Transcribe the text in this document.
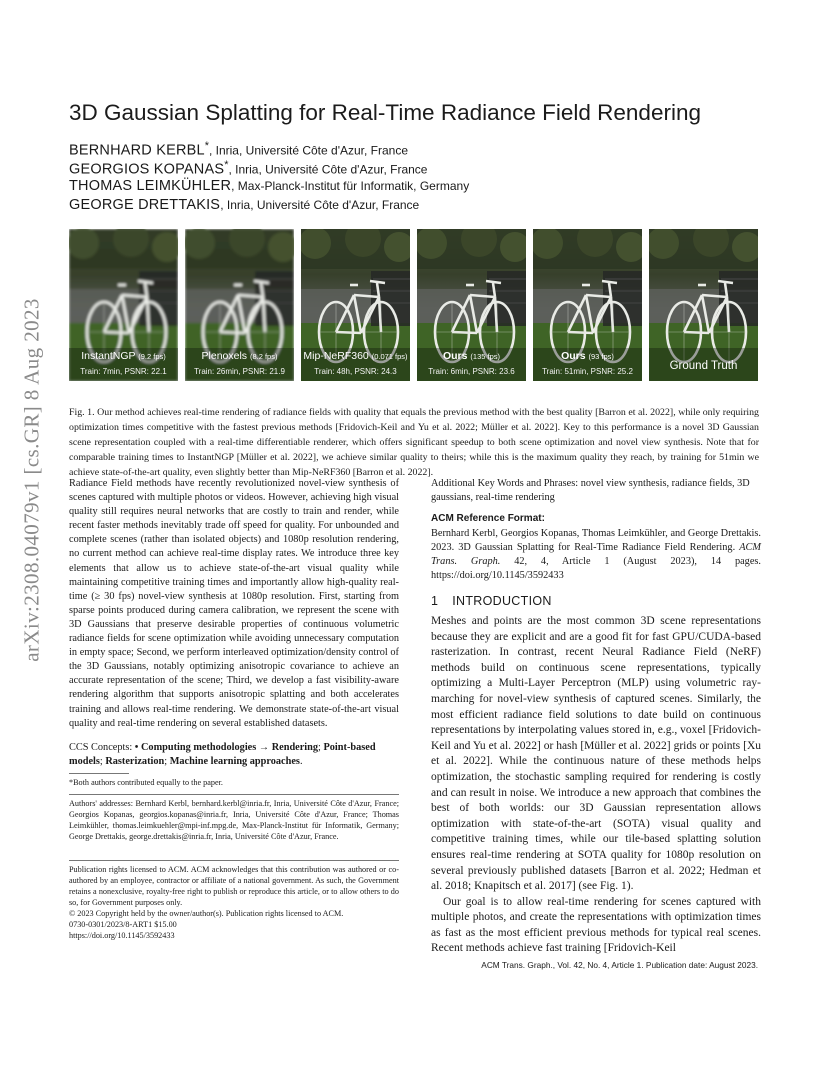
arXiv:2308.04079v1 [cs.GR] 8 Aug 2023
3D Gaussian Splatting for Real-Time Radiance Field Rendering
BERNHARD KERBL*, Inria, Université Côte d'Azur, France
GEORGIOS KOPANAS*, Inria, Université Côte d'Azur, France
THOMAS LEIMKÜHLER, Max-Planck-Institut für Informatik, Germany
GEORGE DRETTAKIS, Inria, Université Côte d'Azur, France
InstantNGP (9.2 fps)
Train: 7min, PSNR: 22.1
Plenoxels (8.2 fps)
Train: 26min, PSNR: 21.9
Mip-NeRF360 (0.071 fps)
Train: 48h, PSNR: 24.3
Ours (135 fps)
Train: 6min, PSNR: 23.6
Ours (93 fps)
Train: 51min, PSNR: 25.2	Ground Truth

Fig. 1. Our method achieves real-time rendering of radiance fields with quality that equals the previous method with the best quality [Barron et al. 2022], while only requiring optimization times competitive with the fastest previous methods [Fridovich-Keil and Yu et al. 2022; Müller et al. 2022]. Key to this performance is a novel 3D Gaussian scene representation coupled with a real-time differentiable renderer, which offers significant speedup to both scene optimization and novel view synthesis. Note that for comparable training times to InstantNGP [Müller et al. 2022], we achieve similar quality to theirs; while this is the maximum quality they reach, by training for 51min we achieve state-of-the-art quality, even slightly better than Mip-NeRF360 [Barron et al. 2022].

Radiance Field methods have recently revolutionized novel-view synthesis of scenes captured with multiple photos or videos. However, achieving high visual quality still requires neural networks that are costly to train and render, while recent faster methods inevitably trade off speed for quality. For unbounded and complete scenes (rather than isolated objects) and 1080p resolution rendering, no current method can achieve real-time display rates. We introduce three key elements that allow us to achieve state-of-the-art visual quality while maintaining competitive training times and importantly allow high-quality real-time (≥ 30 fps) novel-view synthesis at 1080p resolution. First, starting from sparse points produced during camera calibration, we represent the scene with 3D Gaussians that preserve desirable properties of continuous volumetric radiance fields for scene optimization while avoiding unnecessary computation in empty space; Second, we perform interleaved optimization/density control of the 3D Gaussians, notably optimizing anisotropic covariance to achieve an accurate representation of the scene; Third, we develop a fast visibility-aware rendering algorithm that supports anisotropic splatting and both accelerates training and allows real-time rendering. We demonstrate state-of-the-art visual quality and real-time rendering on several established datasets.

CCS Concepts: • Computing methodologies → Rendering; Point-based models; Rasterization; Machine learning approaches.
*Both authors contributed equally to the paper.
Authors' addresses: Bernhard Kerbl, bernhard.kerbl@inria.fr, Inria, Université Côte d'Azur, France; Georgios Kopanas, georgios.kopanas@inria.fr, Inria, Université Côte d'Azur, France; Thomas Leimkühler, thomas.leimkuehler@mpi-inf.mpg.de, Max-Planck-Institut für Informatik, Germany; George Drettakis, george.drettakis@inria.fr, Inria, Université Côte d'Azur, France.
Publication rights licensed to ACM. ACM acknowledges that this contribution was authored or co-authored by an employee, contractor or affiliate of a national government. As such, the Government retains a nonexclusive, royalty-free right to publish or reproduce this article, or to allow others to do so, for Government purposes only.
© 2023 Copyright held by the owner/author(s). Publication rights licensed to ACM.
0730-0301/2023/8-ART1 $15.00
https://doi.org/10.1145/3592433
Additional Key Words and Phrases: novel view synthesis, radiance fields, 3D gaussians, real-time rendering
ACM Reference Format:
Bernhard Kerbl, Georgios Kopanas, Thomas Leimkühler, and George Drettakis. 2023. 3D Gaussian Splatting for Real-Time Radiance Field Rendering. ACM Trans. Graph. 42, 4, Article 1 (August 2023), 14 pages. https://doi.org/10.1145/3592433
1 INTRODUCTION

Meshes and points are the most common 3D scene representations because they are explicit and are a good fit for fast GPU/CUDA-based rasterization. In contrast, recent Neural Radiance Field (NeRF) methods build on continuous scene representations, typically optimizing a Multi-Layer Perceptron (MLP) using volumetric ray-marching for novel-view synthesis of captured scenes. Similarly, the most efficient radiance field solutions to date build on continuous representations by interpolating values stored in, e.g., voxel [Fridovich-Keil and Yu et al. 2022] or hash [Müller et al. 2022] grids or points [Xu et al. 2022]. While the continuous nature of these methods helps optimization, the stochastic sampling required for rendering is costly and can result in noise. We introduce a new approach that combines the best of both worlds: our 3D Gaussian representation allows optimization with state-of-the-art (SOTA) visual quality and competitive training times, while our tile-based splatting solution ensures real-time rendering at SOTA quality for 1080p resolution on several previously published datasets [Barron et al. 2022; Hedman et al. 2018; Knapitsch et al. 2017] (see Fig. 1).

Our goal is to allow real-time rendering for scenes captured with multiple photos, and create the representations with optimization times as fast as the most efficient previous methods for typical real scenes. Recent methods achieve fast training [Fridovich-Keil

ACM Trans. Graph., Vol. 42, No. 4, Article 1. Publication date: August 2023.
